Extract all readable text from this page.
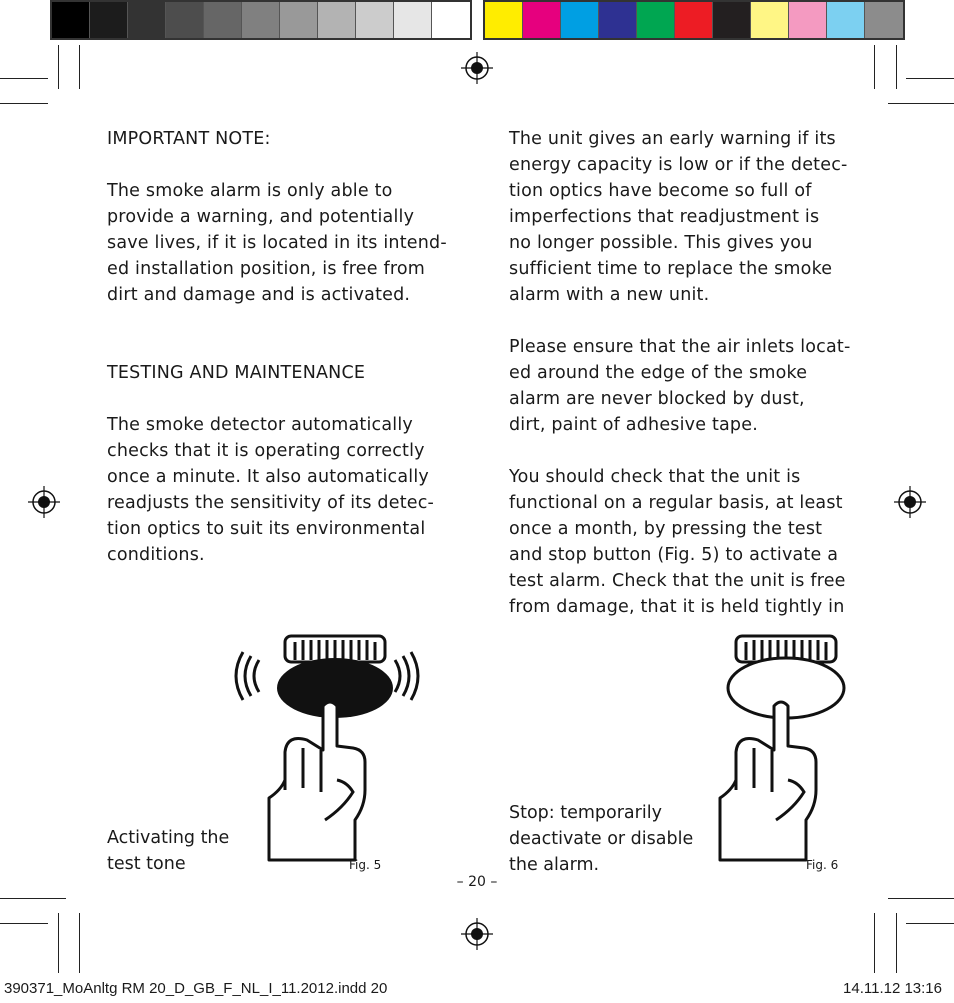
IMPORTANT NOTE:

The smoke alarm is only able to
provide a warning, and potentially
save lives, if it is located in its intend-
ed installation position, is free from
dirt and damage and is activated.

TESTING AND MAINTENANCE

The smoke detector automatically
checks that it is operating correctly
once a minute. It also automatically
readjusts the sensitivity of its detec-
tion optics to suit its environmental
conditions.

The unit gives an early warning if its
energy capacity is low or if the detec-
tion optics have become so full of
imperfections that readjustment is
no longer possible. This gives you
sufficient time to replace the smoke
alarm with a new unit.

Please ensure that the air inlets locat-
ed around the edge of the smoke
alarm are never blocked by dust,
dirt, paint of adhesive tape.

You should check that the unit is
functional on a regular basis, at least
once a month, by pressing the test
and stop button (Fig. 5) to activate a
test alarm. Check that the unit is free
from damage, that it is held tightly in

Activating the
test tone	Fig. 5
Stop: temporarily
deactivate or disable
the alarm.	Fig. 6
– 20 –
390371_MoAnltg RM 20_D_GB_F_NL_I_11.2012.indd 20	14.11.12 13:16
